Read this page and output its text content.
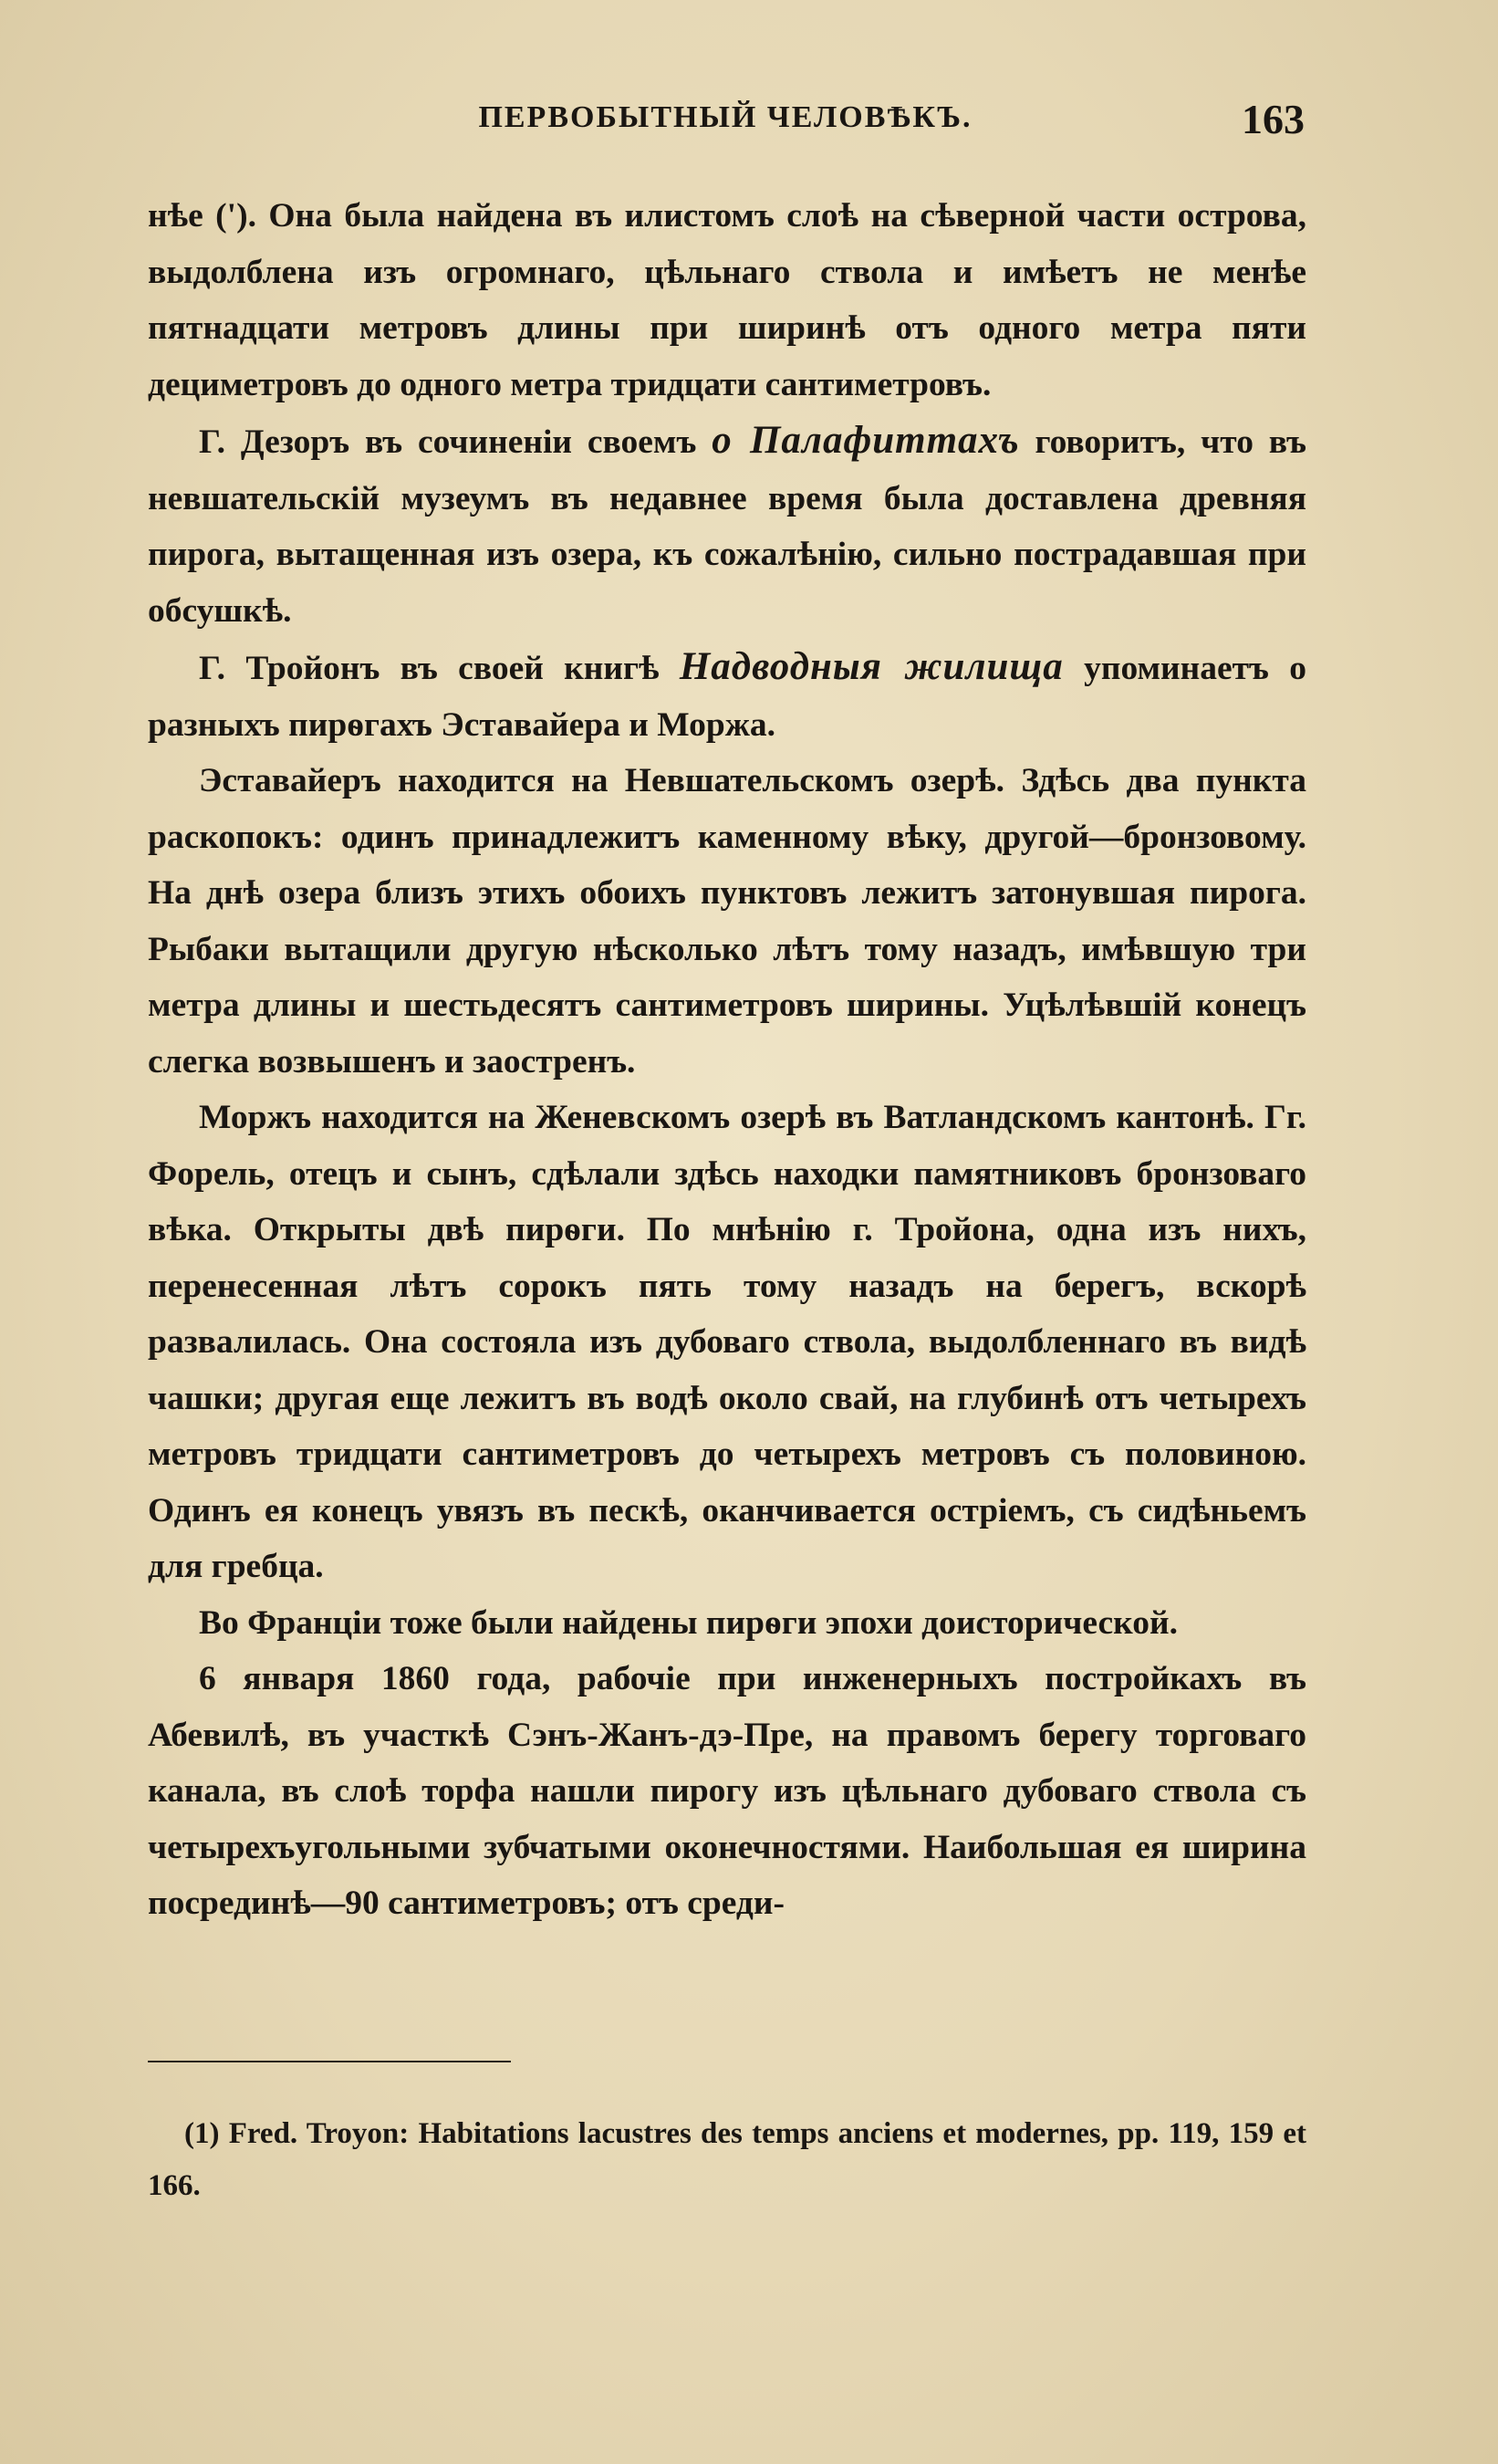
ПЕРВОБЫТНЫЙ ЧЕЛОВѢКЪ.	163

нѣе ('). Она была найдена въ илистомъ слоѣ на сѣверной части острова, выдолблена изъ огромнаго, цѣльнаго ствола и имѣетъ не менѣе пятнадцати метровъ длины при ширинѣ отъ одного метра пяти дециметровъ до одного метра тридцати сантиметровъ.

Г. Дезоръ въ сочиненіи своемъ о Палафиттахъ говоритъ, что въ невшательскій музеумъ въ недавнее время была доставлена древняя пирога, вытащенная изъ озера, къ сожалѣнію, сильно пострадавшая при обсушкѣ.

Г. Тройонъ въ своей книгѣ Надводныя жилища упоминаетъ о разныхъ пирѳгахъ Эставайера и Моржа.

Эставайеръ находится на Невшательскомъ озерѣ. Здѣсь два пункта раскопокъ: одинъ принадлежитъ каменному вѣку, другой—бронзовому. На днѣ озера близъ этихъ обоихъ пунктовъ лежитъ затонувшая пирога. Рыбаки вытащили другую нѣсколько лѣтъ тому назадъ, имѣвшую три метра длины и шестьдесятъ сантиметровъ ширины. Уцѣлѣвшій конецъ слегка возвышенъ и заостренъ.

Моржъ находится на Женевскомъ озерѣ въ Ватландскомъ кантонѣ. Гг. Форель, отецъ и сынъ, сдѣлали здѣсь находки памятниковъ бронзоваго вѣка. Открыты двѣ пирѳги. По мнѣнію г. Тройона, одна изъ нихъ, перенесенная лѣтъ сорокъ пять тому назадъ на берегъ, вскорѣ развалилась. Она состояла изъ дубоваго ствола, выдолбленнаго въ видѣ чашки; другая еще лежитъ въ водѣ около свай, на глубинѣ отъ четырехъ метровъ тридцати сантиметровъ до четырехъ метровъ съ половиною. Одинъ ея конецъ увязъ въ пескѣ, оканчивается остріемъ, съ сидѣньемъ для гребца.

Во Франціи тоже были найдены пирѳги эпохи доисторической.

6 января 1860 года, рабочіе при инженерныхъ постройкахъ въ Абевилѣ, въ участкѣ Сэнъ-Жанъ-дэ-Пре, на правомъ берегу торговаго канала, въ слоѣ торфа нашли пирогу изъ цѣльнаго дубоваго ствола съ четырехъугольными зубчатыми оконечностями. Наибольшая ея ширина посрединѣ—90 сантиметровъ; отъ среди-

(1) Fred. Troyon: Habitations lacustres des temps anciens et modernes, pp. 119, 159 et 166.
